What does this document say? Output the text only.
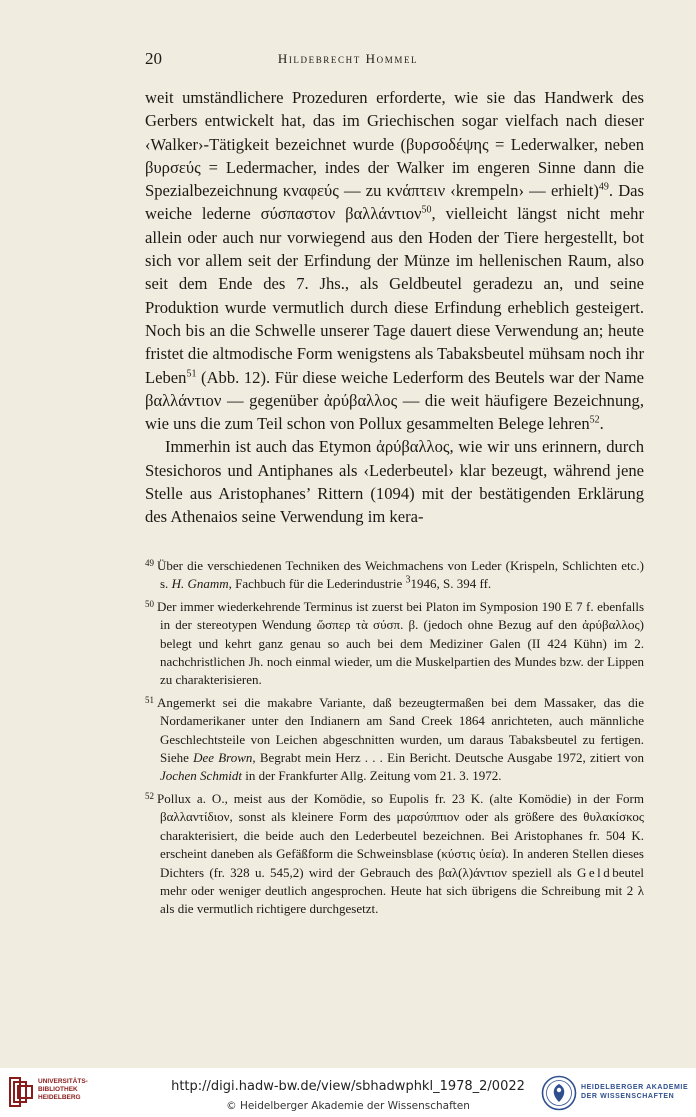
20	Hildebrecht Hommel

weit umständlichere Prozeduren erforderte, wie sie das Handwerk des Gerbers entwickelt hat, das im Griechischen sogar vielfach nach dieser ‹Walker›-Tätigkeit bezeichnet wurde (βυρσοδέψης = Lederwalker, neben βυρσεύς = Ledermacher, indes der Walker im engeren Sinne dann die Spezialbezeichnung κναφεύς — zu κνάπτειν ‹krempeln› — erhielt)$^{49}$. Das weiche lederne σύσπαστον βαλλάντιον$^{50}$, vielleicht längst nicht mehr allein oder auch nur vorwiegend aus den Hoden der Tiere hergestellt, bot sich vor allem seit der Erfindung der Münze im hellenischen Raum, also seit dem Ende des 7. Jhs., als Geldbeutel geradezu an, und seine Produktion wurde vermutlich durch diese Erfindung erheblich gesteigert. Noch bis an die Schwelle unserer Tage dauert diese Verwendung an; heute fristet die altmodische Form wenigstens als Tabaksbeutel mühsam noch ihr Leben$^{51}$ (Abb. 12). Für diese weiche Lederform des Beutels war der Name βαλλάντιον — gegenüber ἀρύβαλλος — die weit häufigere Bezeichnung, wie uns die zum Teil schon von Pollux gesammelten Belege lehren$^{52}$.

Immerhin ist auch das Etymon ἀρύβαλλος, wie wir uns erinnern, durch Stesichoros und Antiphanes als ‹Lederbeutel› klar bezeugt, während jene Stelle aus Aristophanes’ Rittern (1094) mit der bestätigenden Erklärung des Athenaios seine Verwendung im kera-

$^{49}$ Über die verschiedenen Techniken des Weichmachens von Leder (Krispeln, Schlichten etc.) s. H. Gnamm, Fachbuch für die Lederindustrie $^3$1946, S. 394 ff.
$^{50}$ Der immer wiederkehrende Terminus ist zuerst bei Platon im Symposion 190 E 7 f. ebenfalls in der stereotypen Wendung ὥσπερ τὰ σύσπ. β. (jedoch ohne Bezug auf den ἀρύβαλλος) belegt und kehrt ganz genau so auch bei dem Mediziner Galen (II 424 Kühn) im 2. nachchristlichen Jh. noch einmal wieder, um die Muskelpartien des Mundes bzw. der Lippen zu charakterisieren.
$^{51}$ Angemerkt sei die makabre Variante, daß bezeugtermaßen bei dem Massaker, das die Nordamerikaner unter den Indianern am Sand Creek 1864 anrichteten, auch männliche Geschlechtsteile von Leichen abgeschnitten wurden, um daraus Tabaksbeutel zu fertigen. Siehe Dee Brown, Begrabt mein Herz . . . Ein Bericht. Deutsche Ausgabe 1972, zitiert von Jochen Schmidt in der Frankfurter Allg. Zeitung vom 21. 3. 1972.
$^{52}$ Pollux a. O., meist aus der Komödie, so Eupolis fr. 23 K. (alte Komödie) in der Form βαλλαντίδιον, sonst als kleinere Form des μαρσύππιον oder als größere des θυλακίσκος charakterisiert, die beide auch den Lederbeutel bezeichnen. Bei Aristophanes fr. 504 K. erscheint daneben als Gefäßform die Schweinsblase (κύστις ὑεία). In anderen Stellen dieses Dichters (fr. 328 u. 545,2) wird der Gebrauch des βαλ(λ)άντιον speziell als Geldbeutel mehr oder weniger deutlich angesprochen. Heute hat sich übrigens die Schreibung mit 2 λ als die vermutlich richtigere durchgesetzt.
UNIVERSITÄTS-
BIBLIOTHEK
HEIDELBERG
http://digi.hadw-bw.de/view/sbhadwphkl_1978_2/0022
© Heidelberger Akademie der Wissenschaften
HEIDELBERGER AKADEMIE
DER WISSENSCHAFTEN
